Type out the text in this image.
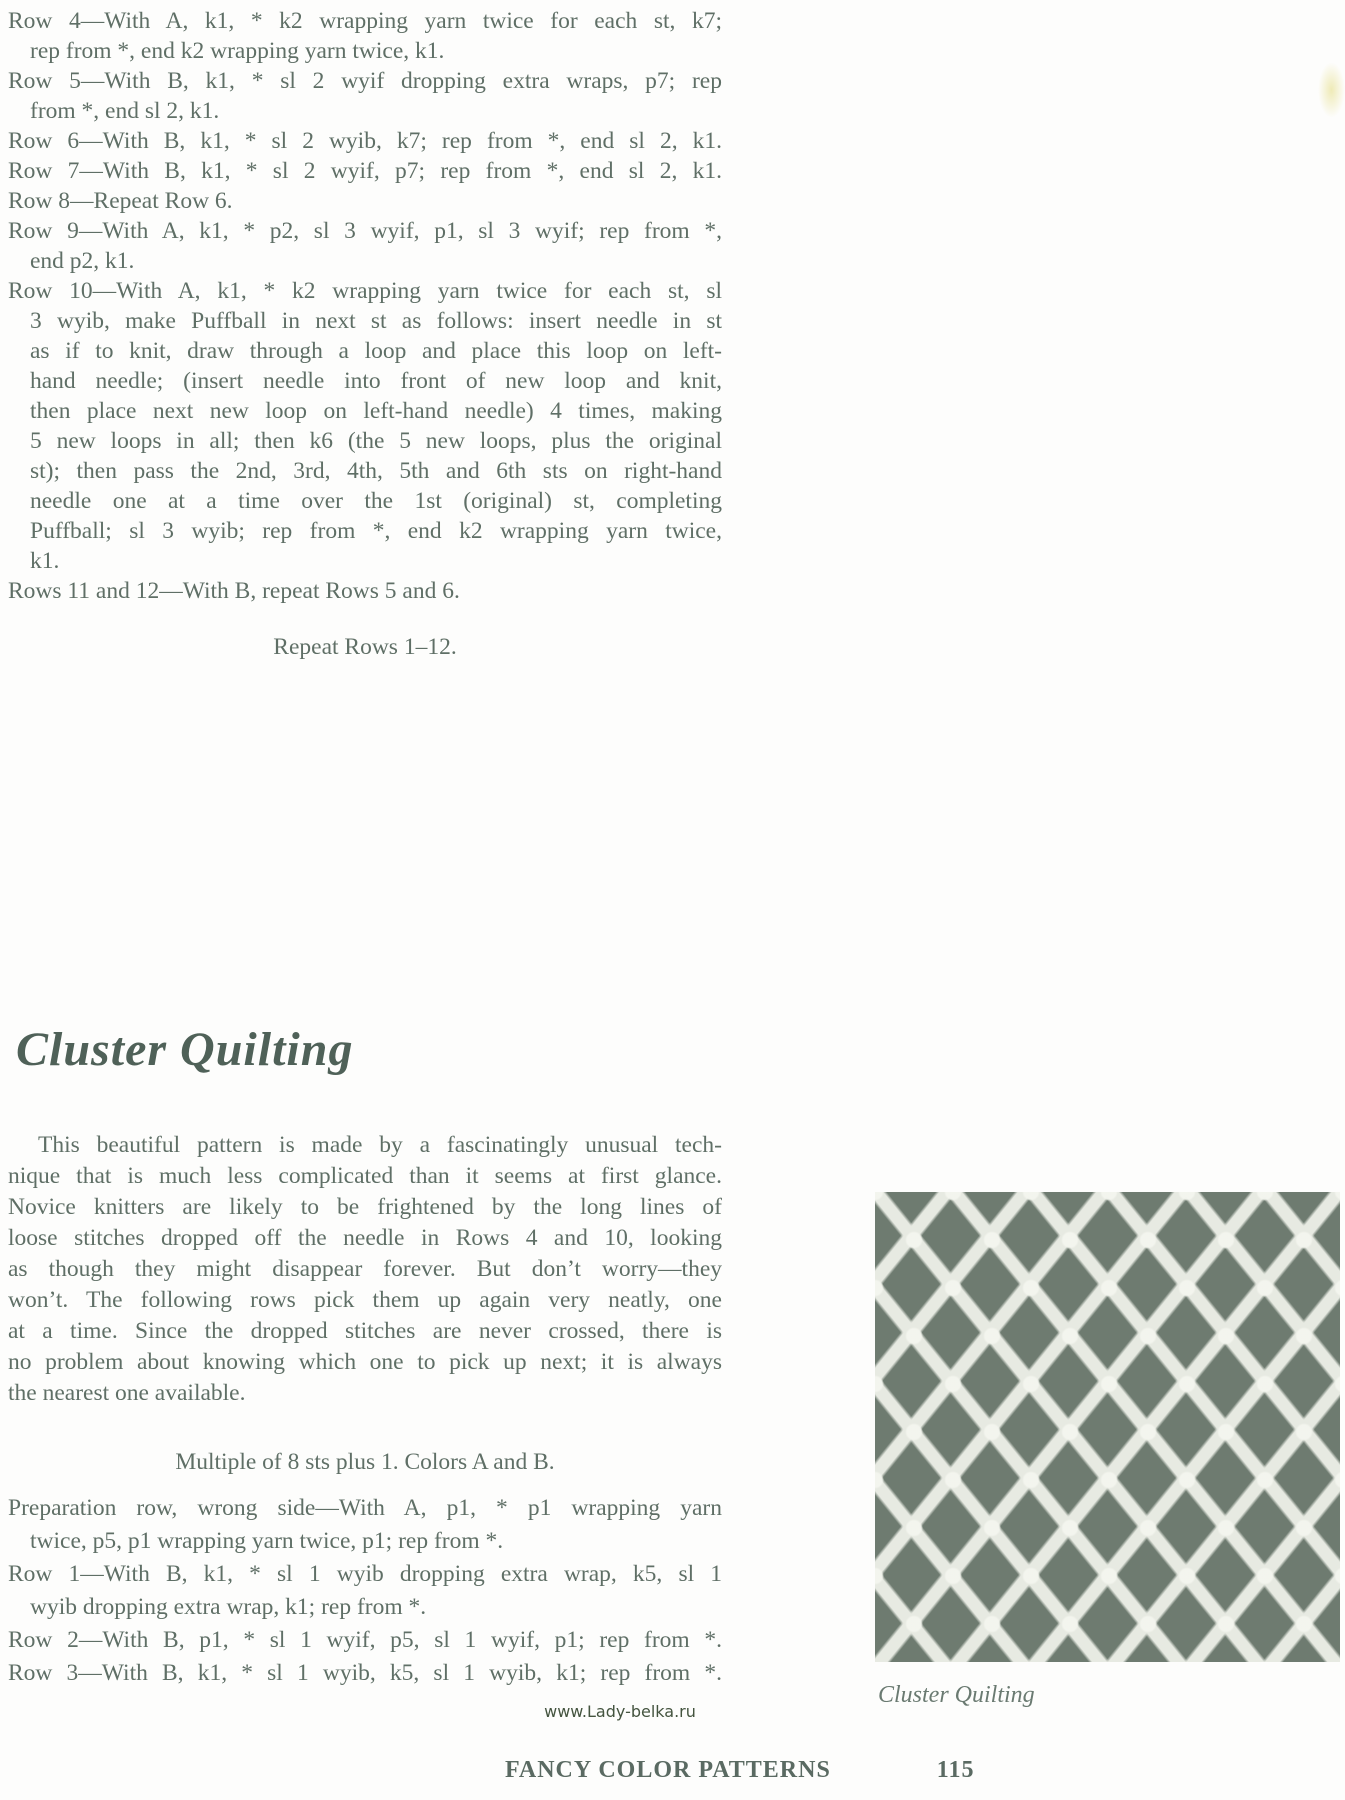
Row 4—With A, k1, * k2 wrapping yarn twice for each st, k7;
rep from *, end k2 wrapping yarn twice, k1.
Row 5—With B, k1, * sl 2 wyif dropping extra wraps, p7; rep
from *, end sl 2, k1.
Row 6—With B, k1, * sl 2 wyib, k7; rep from *, end sl 2, k1.
Row 7—With B, k1, * sl 2 wyif, p7; rep from *, end sl 2, k1.
Row 8—Repeat Row 6.
Row 9—With A, k1, * p2, sl 3 wyif, p1, sl 3 wyif; rep from *,
end p2, k1.
Row 10—With A, k1, * k2 wrapping yarn twice for each st, sl
3 wyib, make Puffball in next st as follows: insert needle in st
as if to knit, draw through a loop and place this loop on left-
hand needle; (insert needle into front of new loop and knit,
then place next new loop on left-hand needle) 4 times, making
5 new loops in all; then k6 (the 5 new loops, plus the original
st); then pass the 2nd, 3rd, 4th, 5th and 6th sts on right-hand
needle one at a time over the 1st (original) st, completing
Puffball; sl 3 wyib; rep from *, end k2 wrapping yarn twice,
k1.
Rows 11 and 12—With B, repeat Rows 5 and 6.
Repeat Rows 1–12.
Cluster Quilting
This beautiful pattern is made by a fascinatingly unusual tech-
nique that is much less complicated than it seems at first glance.
Novice knitters are likely to be frightened by the long lines of
loose stitches dropped off the needle in Rows 4 and 10, looking
as though they might disappear forever. But don’t worry—they
won’t. The following rows pick them up again very neatly, one
at a time. Since the dropped stitches are never crossed, there is
no problem about knowing which one to pick up next; it is always
the nearest one available.
Multiple of 8 sts plus 1. Colors A and B.
Preparation row, wrong side—With A, p1, * p1 wrapping yarn
twice, p5, p1 wrapping yarn twice, p1; rep from *.
Row 1—With B, k1, * sl 1 wyib dropping extra wrap, k5, sl 1
wyib dropping extra wrap, k1; rep from *.
Row 2—With B, p1, * sl 1 wyif, p5, sl 1 wyif, p1; rep from *.
Row 3—With B, k1, * sl 1 wyib, k5, sl 1 wyib, k1; rep from *.
Cluster Quilting
www.Lady-belka.ru
FANCY COLOR PATTERNS	115
